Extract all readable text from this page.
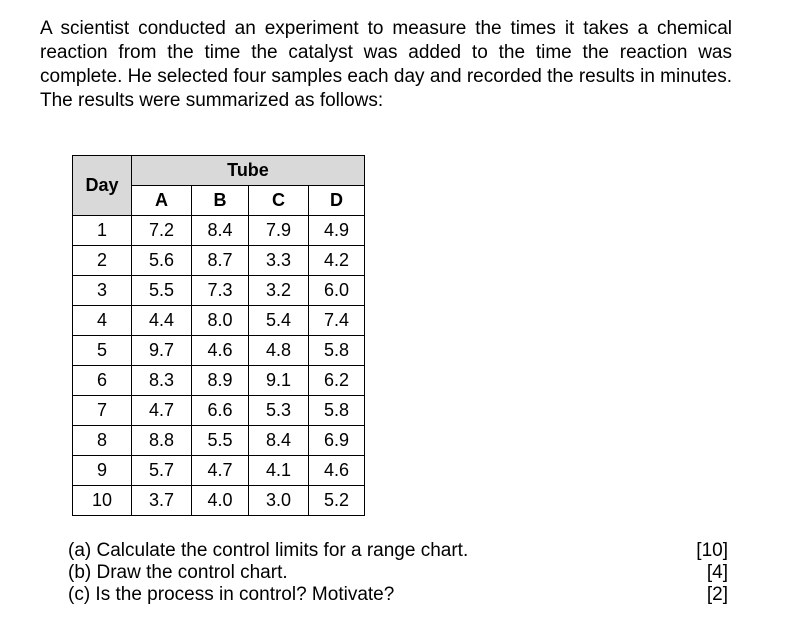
A scientist conducted an experiment to measure the times it takes a chemical reaction from the time the catalyst was added to the time the reaction was complete. He selected four samples each day and recorded the results in minutes. The results were summarized as follows:

Day	Tube			
	A	B	C	D
1	7.2	8.4	7.9	4.9
2	5.6	8.7	3.3	4.2
3	5.5	7.3	3.2	6.0
4	4.4	8.0	5.4	7.4
5	9.7	4.6	4.8	5.8
6	8.3	8.9	9.1	6.2
7	4.7	6.6	5.3	5.8
8	8.8	5.5	8.4	6.9
9	5.7	4.7	4.1	4.6
10	3.7	4.0	3.0	5.2
(a) Calculate the control limits for a range chart.	[10]
(b) Draw the control chart.	[4]
(c) Is the process in control? Motivate?	[2]
